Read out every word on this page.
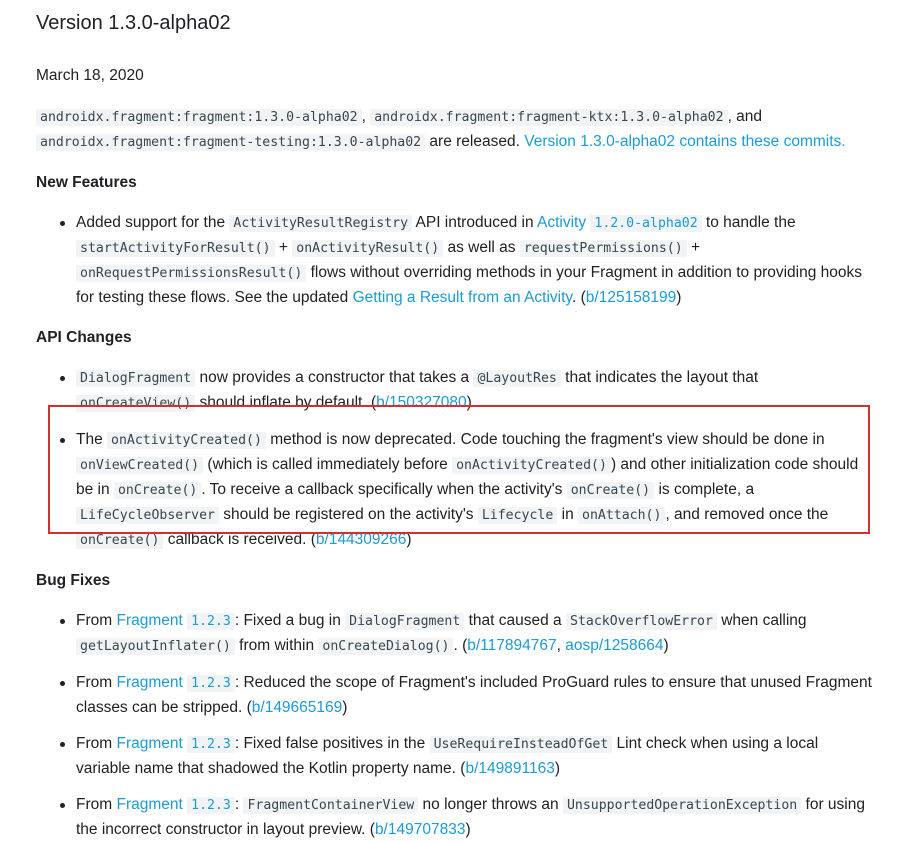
Version 1.3.0-alpha02

March 18, 2020

androidx.fragment:fragment:1.3.0-alpha02 , androidx.fragment:fragment-ktx:1.3.0-alpha02 , and androidx.fragment:fragment-testing:1.3.0-alpha02 are released. Version 1.3.0-alpha02 contains these commits.

New Features
Added support for the ActivityResultRegistry API introduced in Activity 1.2.0-alpha02 to handle the startActivityForResult() + onActivityResult() as well as requestPermissions() + onRequestPermissionsResult() flows without overriding methods in your Fragment in addition to providing hooks for testing these flows. See the updated Getting a Result from an Activity. (b/125158199)
API Changes
DialogFragment now provides a constructor that takes a @LayoutRes that indicates the layout that onCreateView() should inflate by default. (b/150327080)
The onActivityCreated() method is now deprecated. Code touching the fragment's view should be done in onViewCreated() (which is called immediately before onActivityCreated() ) and other initialization code should be in onCreate() . To receive a callback specifically when the activity's onCreate() is complete, a LifeCycleObserver should be registered on the activity's Lifecycle in onAttach() , and removed once the onCreate() callback is received. (b/144309266)
Bug Fixes
From Fragment 1.2.3 : Fixed a bug in DialogFragment that caused a StackOverflowError when calling getLayoutInflater() from within onCreateDialog() . (b/117894767, aosp/1258664)
From Fragment 1.2.3 : Reduced the scope of Fragment's included ProGuard rules to ensure that unused Fragment classes can be stripped. (b/149665169)
From Fragment 1.2.3 : Fixed false positives in the UseRequireInsteadOfGet Lint check when using a local variable name that shadowed the Kotlin property name. (b/149891163)
From Fragment 1.2.3 : FragmentContainerView no longer throws an UnsupportedOperationException for using the incorrect constructor in layout preview. (b/149707833)
